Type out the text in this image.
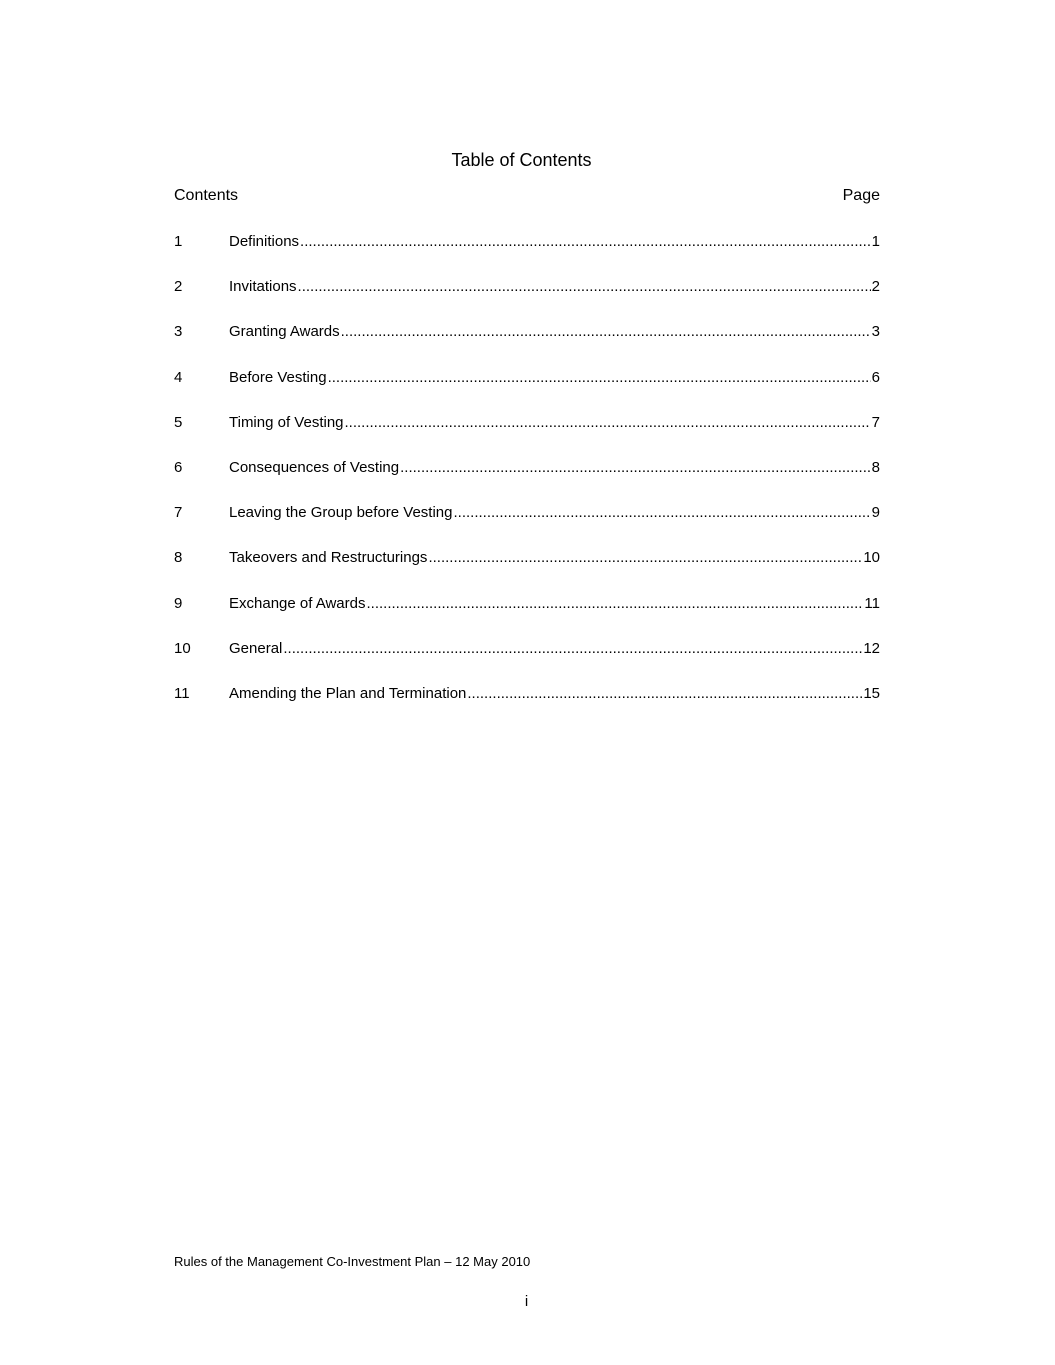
Table of Contents
Contents	Page
1	Definitions .....	1
2	Invitations .....	2
3	Granting Awards .....	3
4	Before Vesting .....	6
5	Timing of Vesting .....	7
6	Consequences of Vesting .....	8
7	Leaving the Group before Vesting .....	9
8	Takeovers and Restructurings .....	10
9	Exchange of Awards .....	11
10	General .....	12
11	Amending the Plan and Termination .....	15
Rules of the Management Co-Investment Plan – 12 May 2010
i
